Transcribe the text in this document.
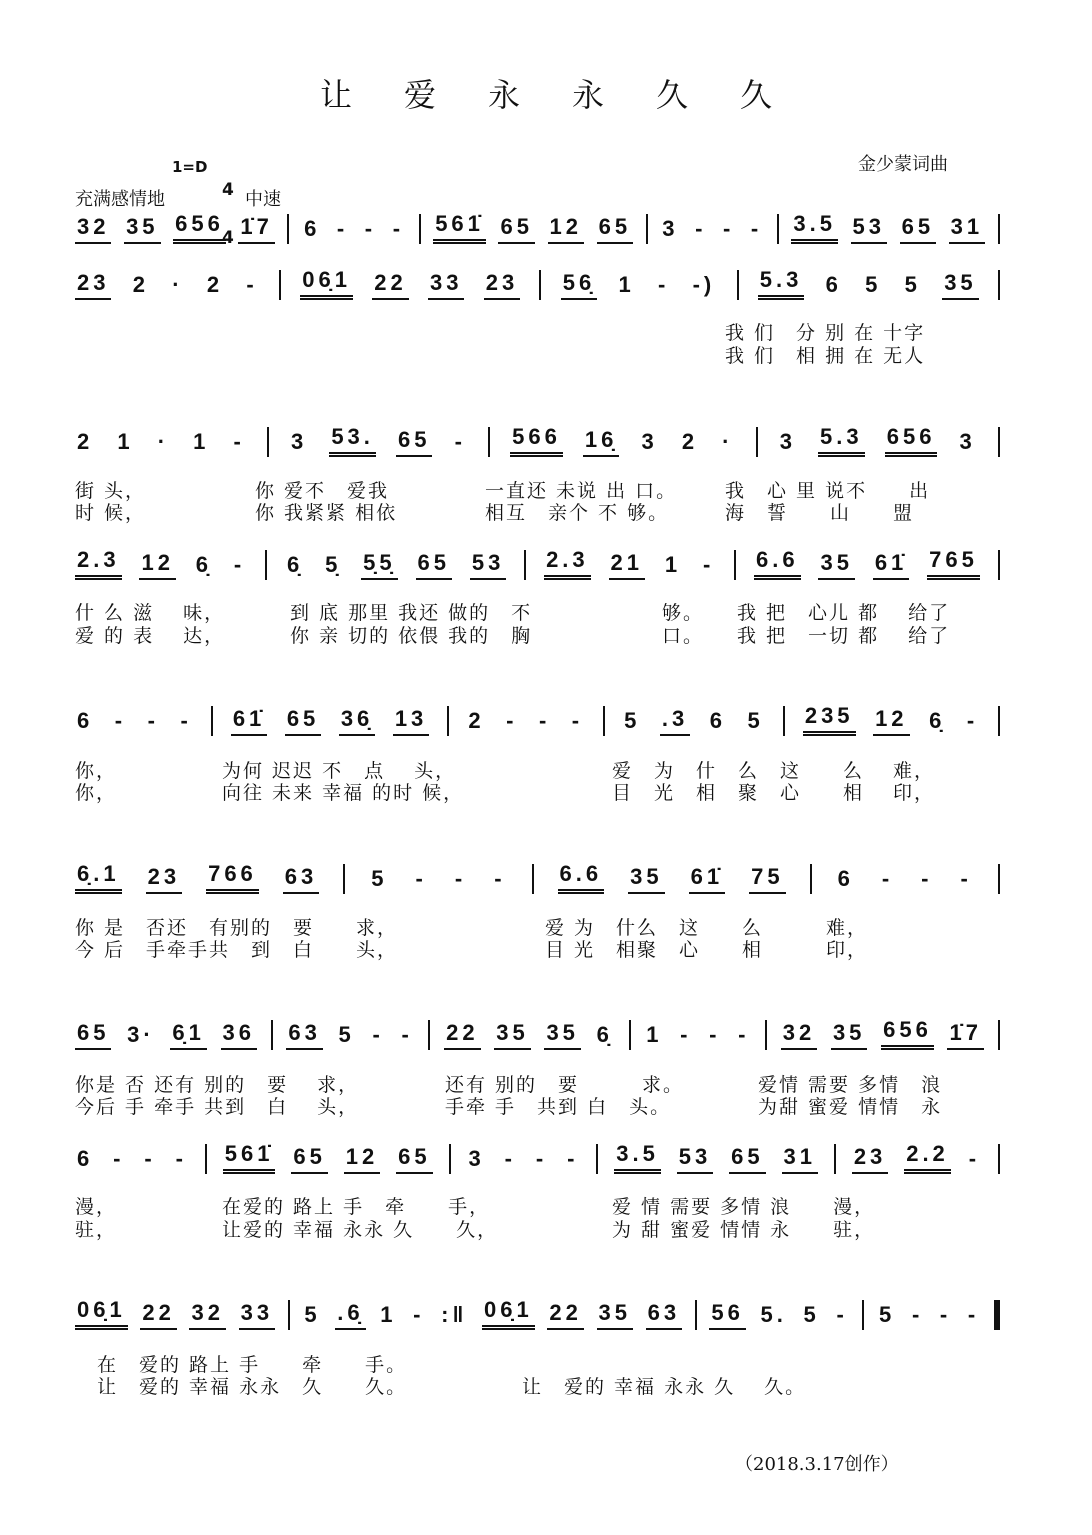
让爱永永久久
金少蒙词曲
1=D

4

4

充满感情地	中速
32 35 656 1̇7 6 - - - 561̇ 65 12 65 3 - - - 3.5 53 65 31
23 2 · 2 - 06̣1 22 33 23 56̣ 1 - -) 5.3 6 5 5 35
2 1 · 1 - 3 53. 65 - 566 16̣ 3 2 · 3 5.3 656 3
2.3 12 6̣ - 6̣ 5̣ 5̣5̣ 65 53 2.3 21 1 - 6.6 35 61̇ 765
6 - - - 61̇ 65 36̣ 13 2 - - - 5 .3 6 5 235 12 6̣ -
6̣.1 23 766 63 5 - - - 6.6 35 61̇ 75 6 - - -
65 3· 6̣1 36 63 5 - - 22 35 35 6̣ 1 - - - 32 35 656 1̇7
6 - - - 561̇ 65 12 65 3 - - - 3.5 53 65 31 23 2.2 -
06̣1 22 32 33 5 .6̣ 1 - :‖ 06̣1 22 35 63 56 5. 5 - 5 - - -
我 们　分 别 在 十字
我 们　相 拥 在 无人
街 头，	你 爱不　爱我	一直还 未说 出 口。	我　心 里 说不　　出
时 候，	你 我紧紧 相依	相互　亲个 不 够。	海　誓　　山　　盟
什 么 滋　 味，	到 底 那里 我还 做的　不	够。 我 把　心儿 都　 给了
爱 的 表　 达，	你 亲 切的 依偎 我的　胸	口。 我 把　一切 都　 给了
你，	为何 迟迟 不　点　 头，	爱　为　什　么　这　　么　 难，
你，	向往 未来 幸福 的时 候，	目　光　相　聚　心　　相　 印，
你 是　否还　有别的　要　　求，	爱 为　什么　这　　么　　　难，
今 后　手牵手共　到　白　　头，	目 光　相聚　心　　相　　　印，
你是 否 还有 别的　要　 求，	还有 别的　要　　　求。	爱情 需要 多情　浪
今后 手 牵手 共到　白　 头，	手牵 手　共到 白　头。	为甜 蜜爱 情情　永
漫，	在爱的 路上 手　牵　　手，	爱 情 需要 多情 浪　　漫，
驻，	让爱的 幸福 永永 久　　久，	为 甜 蜜爱 情情 永　　驻，
在　爱的 路上 手　　牵　　手。
让　爱的 幸福 永永　久　　久。	让　爱的 幸福 永永 久　 久。
（2018.3.17创作）
